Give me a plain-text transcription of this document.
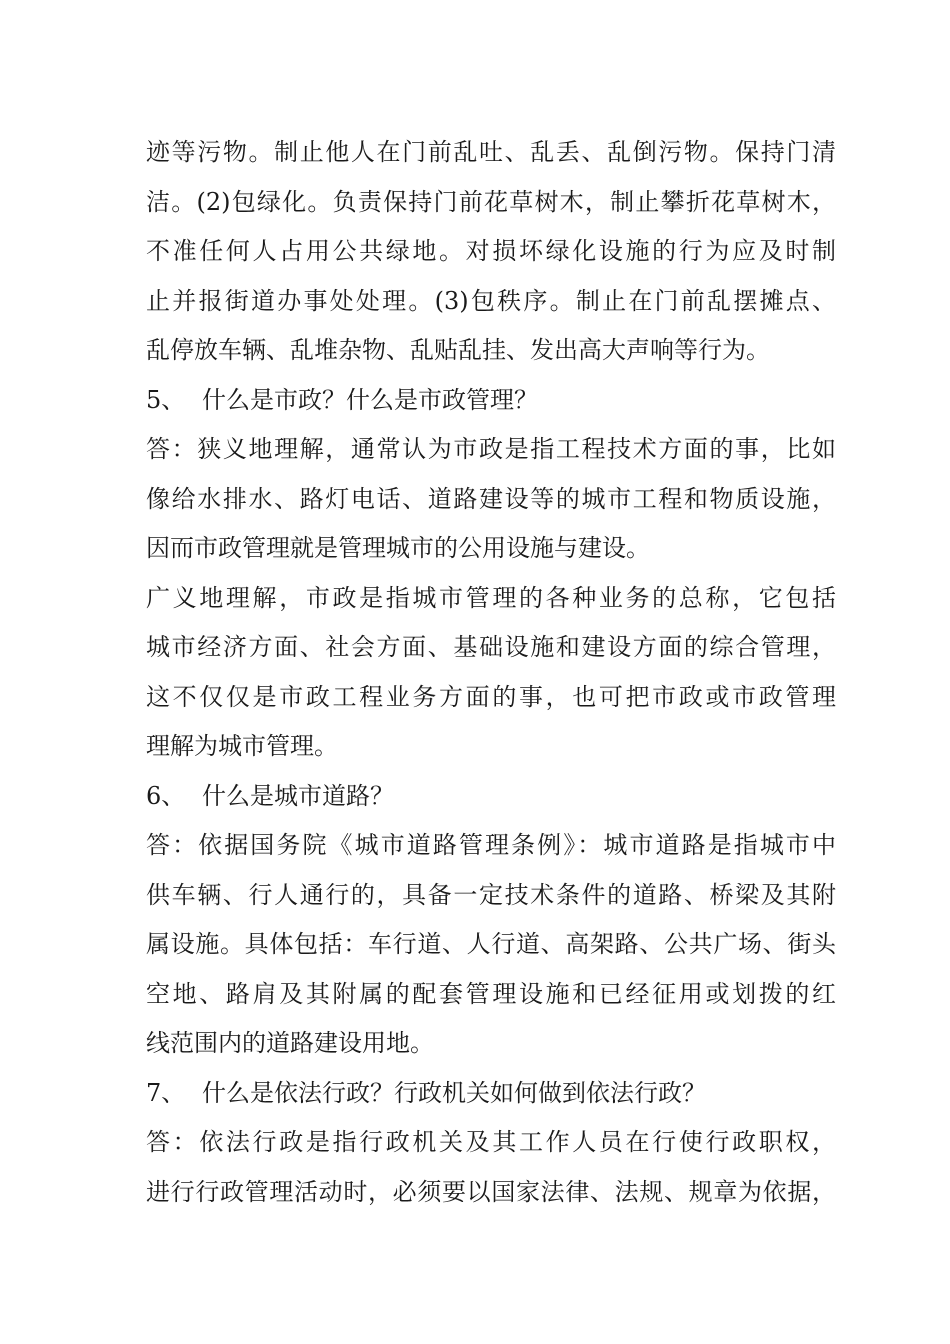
迹等污物。制止他人在门前乱吐、乱丢、乱倒污物。保持门清
洁。(2)包绿化。负责保持门前花草树木，制止攀折花草树木，
不准任何人占用公共绿地。对损坏绿化设施的行为应及时制
止并报街道办事处处理。(3)包秩序。制止在门前乱摆摊点、
乱停放车辆、乱堆杂物、乱贴乱挂、发出高大声响等行为。
5、 什么是市政？什么是市政管理？
答：狭义地理解，通常认为市政是指工程技术方面的事，比如
像给水排水、路灯电话、道路建设等的城市工程和物质设施，
因而市政管理就是管理城市的公用设施与建设。
广义地理解，市政是指城市管理的各种业务的总称，它包括
城市经济方面、社会方面、基础设施和建设方面的综合管理，
这不仅仅是市政工程业务方面的事，也可把市政或市政管理
理解为城市管理。
6、 什么是城市道路？
答：依据国务院《城市道路管理条例》：城市道路是指城市中
供车辆、行人通行的，具备一定技术条件的道路、桥梁及其附
属设施。具体包括：车行道、人行道、高架路、公共广场、街头
空地、路肩及其附属的配套管理设施和已经征用或划拨的红
线范围内的道路建设用地。
7、 什么是依法行政？行政机关如何做到依法行政？
答：依法行政是指行政机关及其工作人员在行使行政职权，
进行行政管理活动时，必须要以国家法律、法规、规章为依据，
